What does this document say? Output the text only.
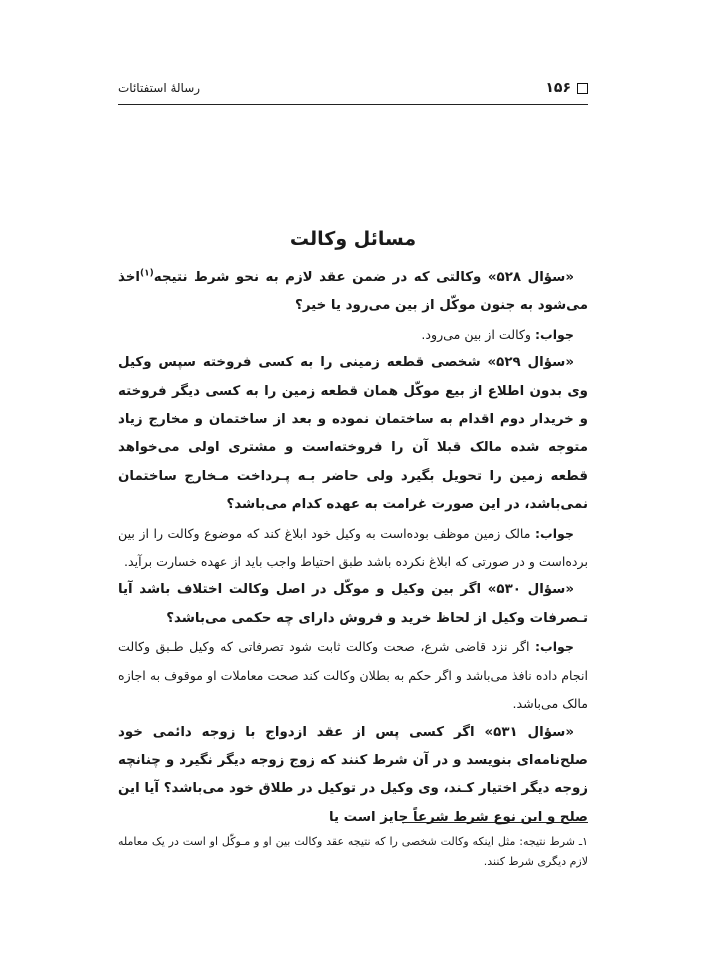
۱۵۶
رسالۀ استفتائات
مسائل وکالت

«سؤال ۵۲۸» وکالتی که در ضمن عقد لازم به نحو شرط نتیجه$^{(۱)}$اخذ می‌شود به جنون موکّل از بین می‌رود یا خیر؟

جواب: وکالت از بین می‌رود.

«سؤال ۵۲۹» شخصی قطعه زمینی را به کسی فروخته سپس وکیل وی بدون اطلاع از بیع موکّل همان قطعه زمین را به کسی دیگر فروخته و خریدار دوم اقدام به ساختمان نموده و بعد از ساختمان و مخارج زیاد متوجه شده مالک قبلا آن را فروخته‌است و مشتری اولی می‌خواهد قطعه زمین را تحویل بگیرد ولی حاضر بـه پـرداخت مـخارج ساختمان نمی‌باشد، در این صورت غرامت به عهده کدام می‌باشد؟

جواب: مالک زمین موظف بوده‌است به وکیل خود ابلاغ کند که موضوع وکالت را از بین برده‌است و در صورتی که ابلاغ نکرده باشد طبق احتیاط واجب باید از عهده خسارت برآید.

«سؤال ۵۳۰» اگر بین وکیل و موکّل در اصل وکالت اختلاف باشد آیا تـصرفات وکیل از لحاظ خرید و فروش دارای چه حکمی می‌باشد؟

جواب: اگر نزد قاضی شرع، صحت وکالت ثابت شود تصرفاتی که وکیل طـبق وکالت انجام داده نافذ می‌باشد و اگر حکم به بطلان وکالت کند صحت معاملات او موقوف به اجازه مالک می‌باشد.

«سؤال ۵۳۱» اگر کسی پس از عقد ازدواج با زوجه دائمی خود صلح‌نامه‌ای بنویسد و در آن شرط کنند که زوج زوجه دیگر نگیرد و چنانچه زوجه دیگر اختیار کـند، وی وکیل در توکیل در طلاق خود می‌باشد؟ آیا این صلح و این نوع شرط شرعاً جایز است یا

۱ـ شرط نتیجه: مثل اینکه وکالت شخصی را که نتیجه عقد وکالت بین او و مـوکّل او است در یک معامله لازم دیگری شرط کنند.
